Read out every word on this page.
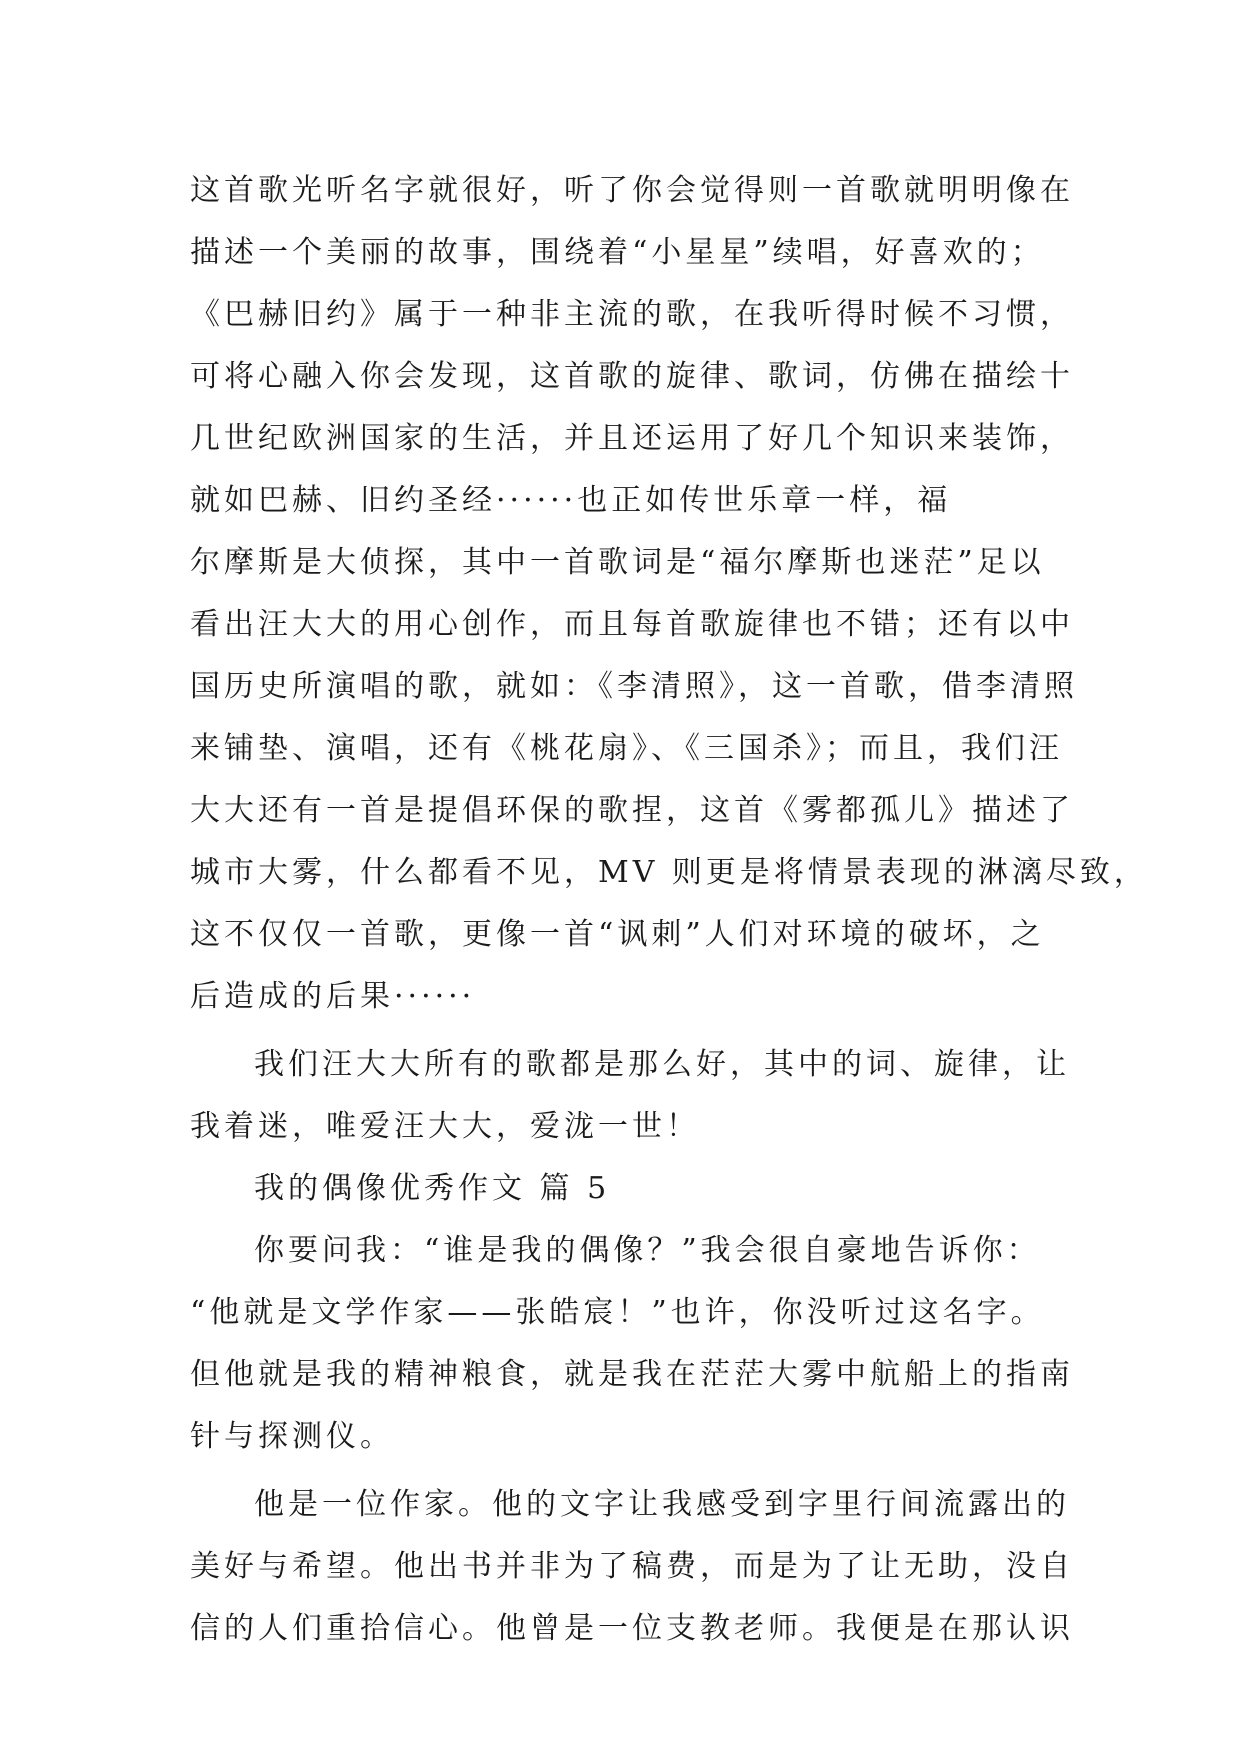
这首歌光听名字就很好，听了你会觉得则一首歌就明明像在
描述一个美丽的故事，围绕着“小星星”续唱，好喜欢的；
《巴赫旧约》属于一种非主流的歌，在我听得时候不习惯，
可将心融入你会发现，这首歌的旋律、歌词，仿佛在描绘十
几世纪欧洲国家的生活，并且还运用了好几个知识来装饰，
就如巴赫、旧约圣经······也正如传世乐章一样，福
尔摩斯是大侦探，其中一首歌词是“福尔摩斯也迷茫”足以
看出汪大大的用心创作，而且每首歌旋律也不错；还有以中
国历史所演唱的歌，就如：《李清照》，这一首歌，借李清照
来铺垫、演唱，还有《桃花扇》、《三国杀》；而且，我们汪
大大还有一首是提倡环保的歌捏，这首《雾都孤儿》描述了
城市大雾，什么都看不见，MV 则更是将情景表现的淋漓尽致，
这不仅仅一首歌，更像一首“讽刺”人们对环境的破坏，之
后造成的后果······
我们汪大大所有的歌都是那么好，其中的词、旋律，让
我着迷，唯爱汪大大，爱泷一世！
我的偶像优秀作文 篇 5
你要问我：“谁是我的偶像？”我会很自豪地告诉你：
“他就是文学作家——张皓宸！”也许，你没听过这名字。
但他就是我的精神粮食，就是我在茫茫大雾中航船上的指南
针与探测仪。
他是一位作家。他的文字让我感受到字里行间流露出的
美好与希望。他出书并非为了稿费，而是为了让无助，没自
信的人们重拾信心。他曾是一位支教老师。我便是在那认识
